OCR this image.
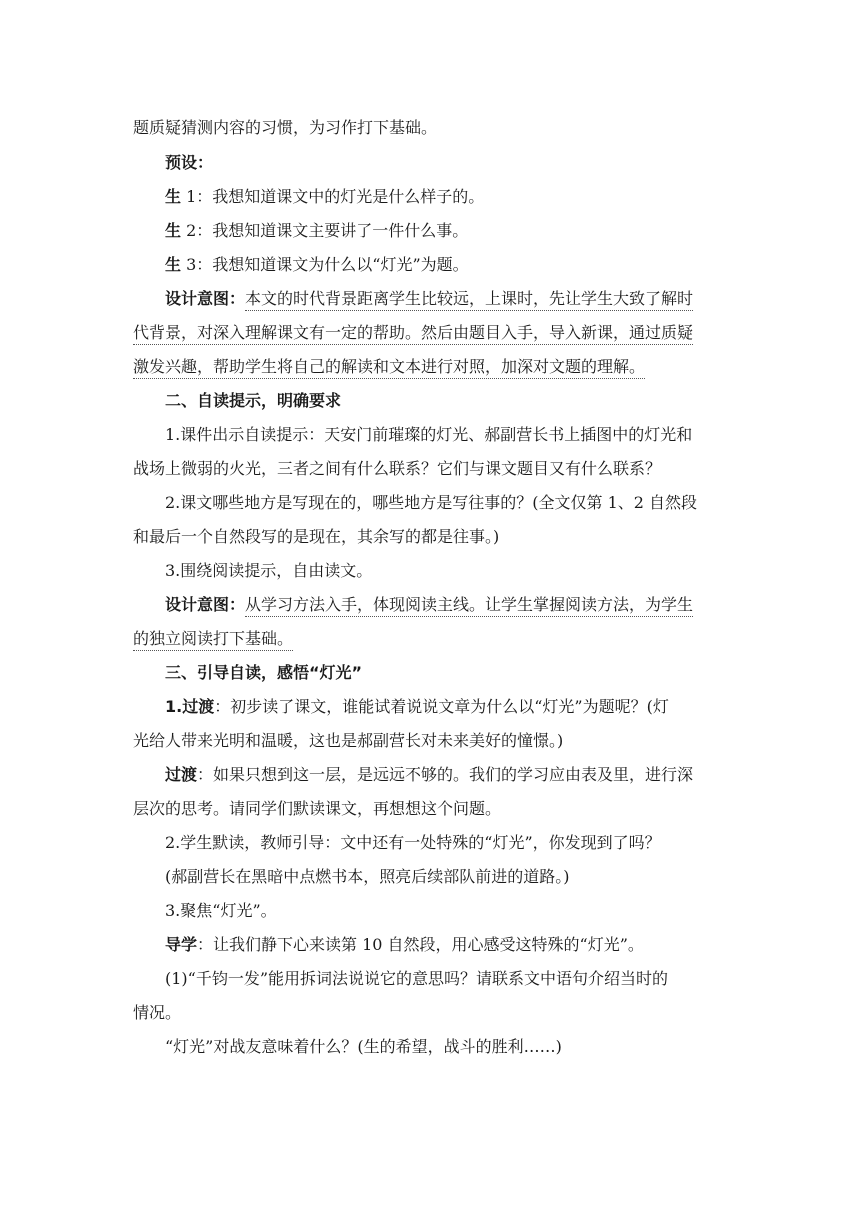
题质疑猜测内容的习惯，为习作打下基础。
预设：
生 1：我想知道课文中的灯光是什么样子的。
生 2：我想知道课文主要讲了一件什么事。
生 3：我想知道课文为什么以“灯光”为题。
设计意图：本文的时代背景距离学生比较远，上课时，先让学生大致了解时
代背景，对深入理解课文有一定的帮助。然后由题目入手，导入新课，通过质疑
激发兴趣，帮助学生将自己的解读和文本进行对照，加深对文题的理解。
二、自读提示，明确要求
1.课件出示自读提示：天安门前璀璨的灯光、郝副营长书上插图中的灯光和
战场上微弱的火光，三者之间有什么联系？它们与课文题目又有什么联系？
2.课文哪些地方是写现在的，哪些地方是写往事的？(全文仅第 1、2 自然段
和最后一个自然段写的是现在，其余写的都是往事。)
3.围绕阅读提示，自由读文。
设计意图：从学习方法入手，体现阅读主线。让学生掌握阅读方法，为学生
的独立阅读打下基础。
三、引导自读，感悟“灯光”
1.过渡：初步读了课文，谁能试着说说文章为什么以“灯光”为题呢？(灯
光给人带来光明和温暖，这也是郝副营长对未来美好的憧憬。)
过渡：如果只想到这一层，是远远不够的。我们的学习应由表及里，进行深
层次的思考。请同学们默读课文，再想想这个问题。
2.学生默读，教师引导：文中还有一处特殊的“灯光”，你发现到了吗？
(郝副营长在黑暗中点燃书本，照亮后续部队前进的道路。)
3.聚焦“灯光”。
导学：让我们静下心来读第 10 自然段，用心感受这特殊的“灯光”。
(1)“千钧一发”能用拆词法说说它的意思吗？请联系文中语句介绍当时的
情况。
“灯光”对战友意味着什么？(生的希望，战斗的胜利……)
